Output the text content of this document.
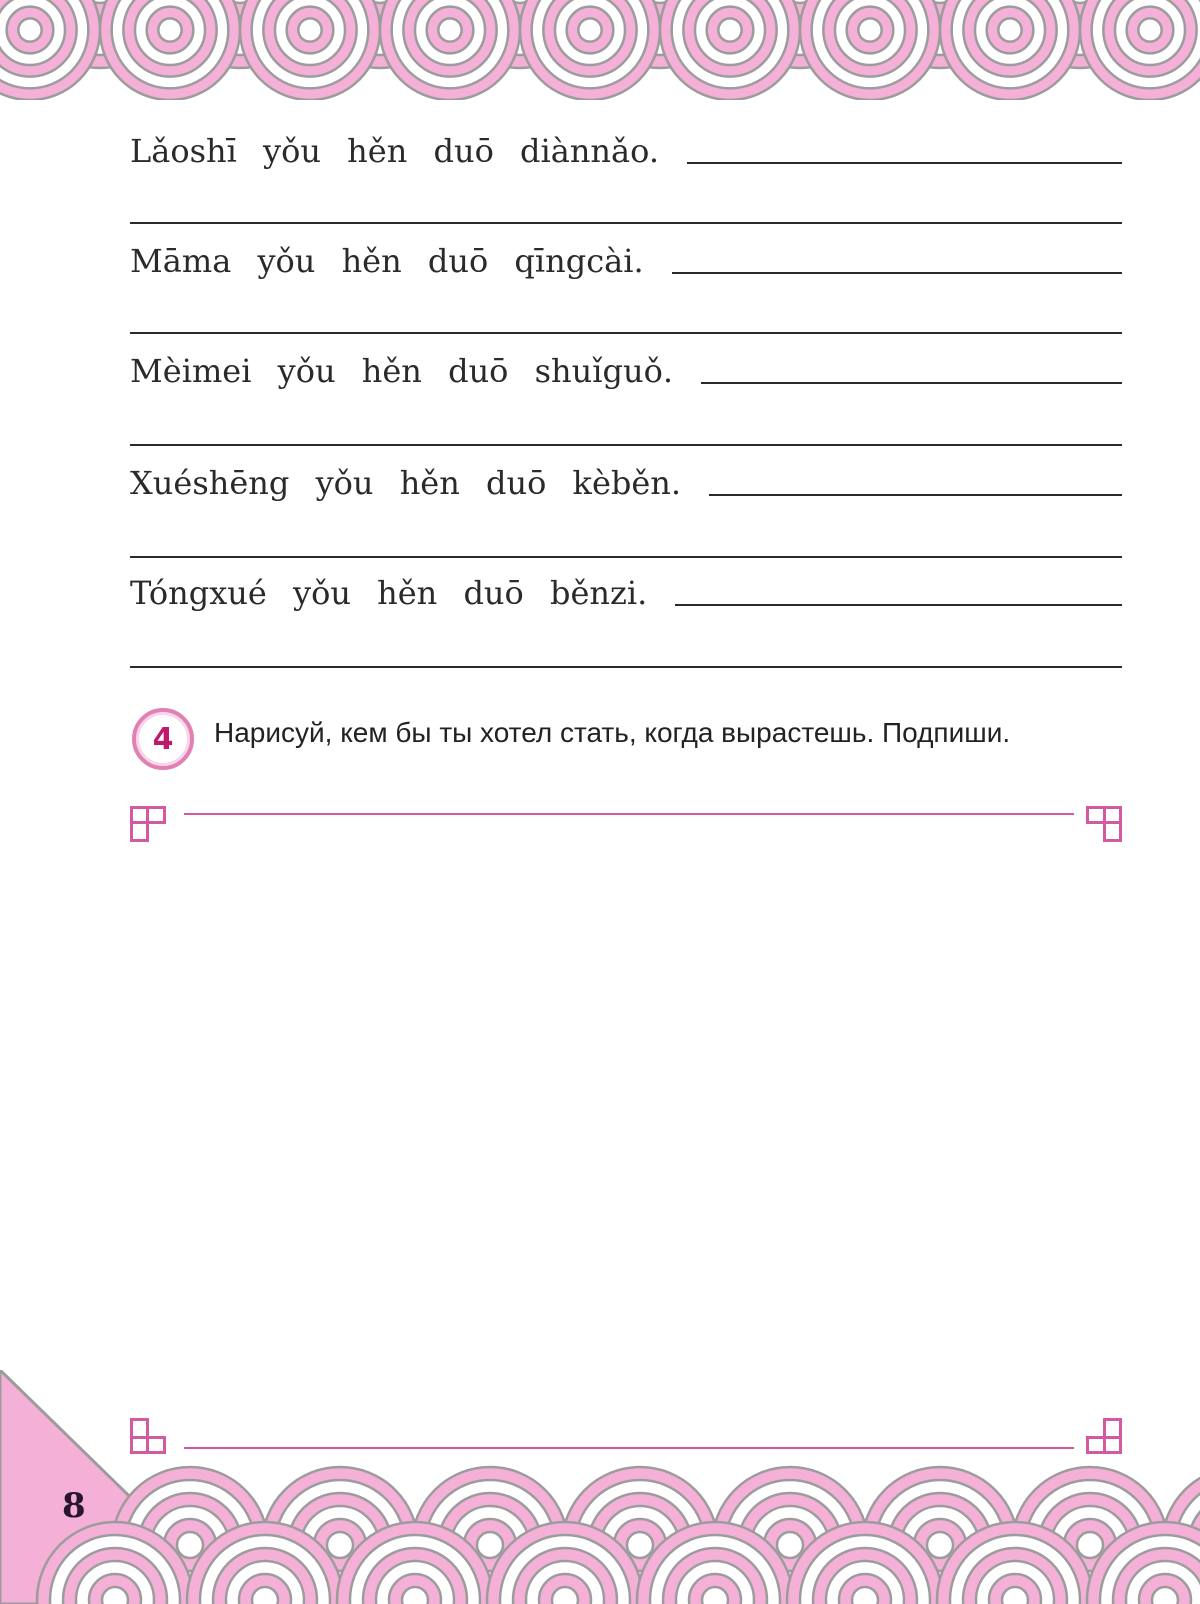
Lǎoshī yǒu hěn duō diànnǎo.
Māma yǒu hěn duō qīngcài.
Mèimei yǒu hěn duō shuǐguǒ.
Xuéshēng yǒu hěn duō kèběn.
Tóngxué yǒu hěn duō běnzi.
4	Нарисуй, кем бы ты хотел стать, когда вырастешь. Подпиши.
8
